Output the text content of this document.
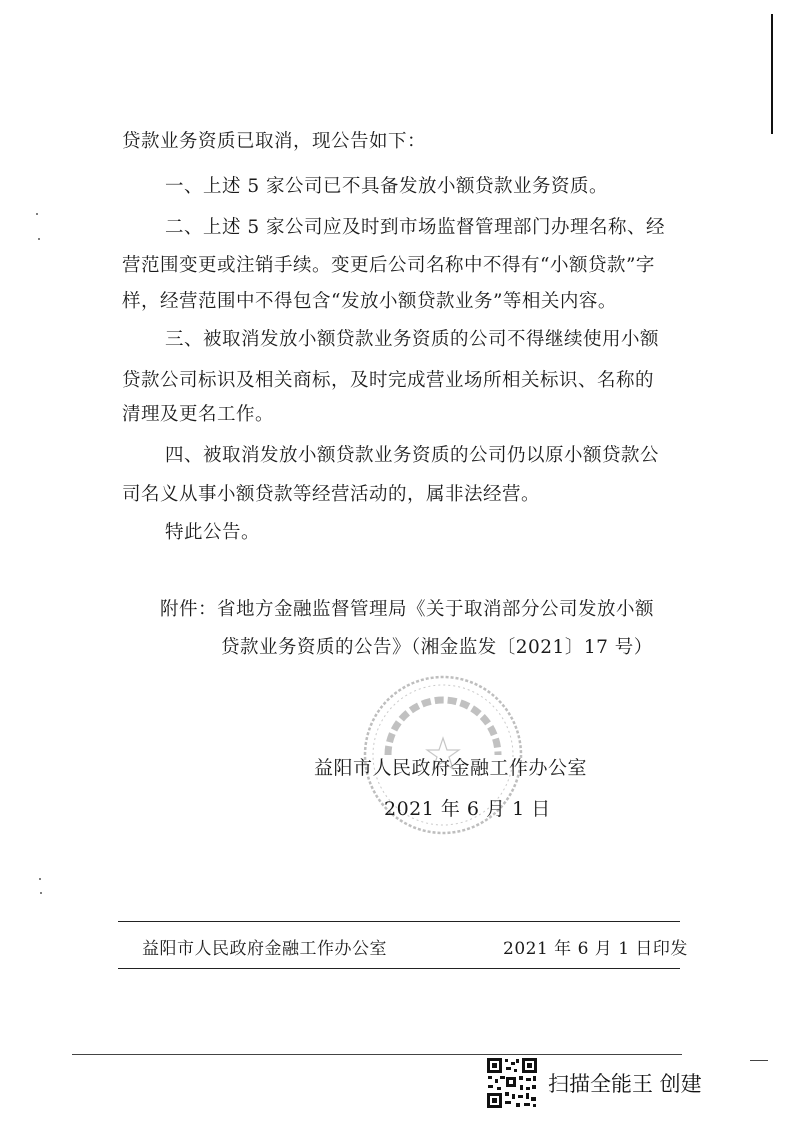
贷款业务资质已取消，现公告如下：
一、上述 5 家公司已不具备发放小额贷款业务资质。
二、上述 5 家公司应及时到市场监督管理部门办理名称、经
营范围变更或注销手续。变更后公司名称中不得有“小额贷款”字
样，经营范围中不得包含“发放小额贷款业务”等相关内容。
三、被取消发放小额贷款业务资质的公司不得继续使用小额
贷款公司标识及相关商标，及时完成营业场所相关标识、名称的
清理及更名工作。
四、被取消发放小额贷款业务资质的公司仍以原小额贷款公
司名义从事小额贷款等经营活动的，属非法经营。
特此公告。
附件：省地方金融监督管理局《关于取消部分公司发放小额
贷款业务资质的公告》（湘金监发〔2021〕17 号）
益阳市人民政府金融工作办公室
2021 年 6 月 1 日
益阳市人民政府金融工作办公室	2021 年 6 月 1 日印发
扫描全能王 创建
